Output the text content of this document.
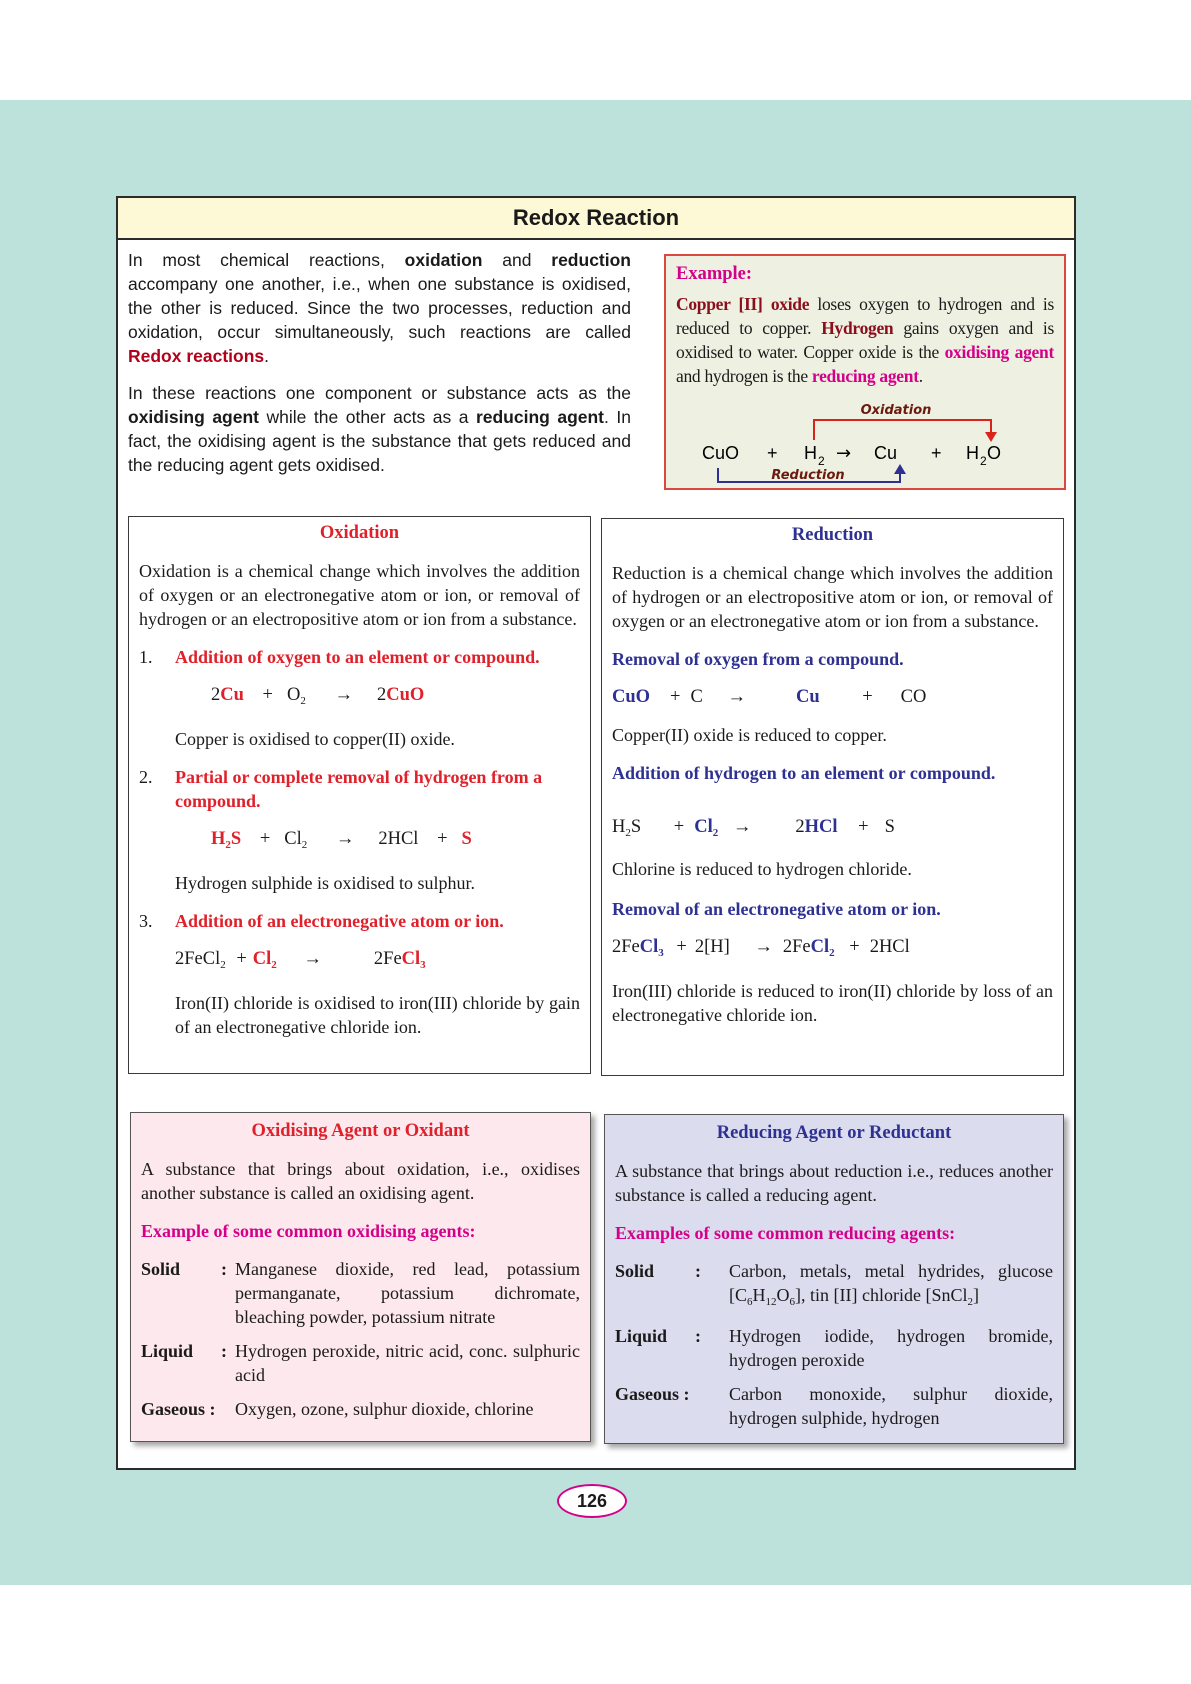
Redox Reaction

In most chemical reactions, oxidation and reduction accompany one another, i.e., when one substance is oxidised, the other is reduced. Since the two processes, reduction and oxidation, occur simultaneously, such reactions are called Redox reactions.

In these reactions one component or substance acts as the oxidising agent while the other acts as a reducing agent. In fact, the oxidising agent is the substance that gets reduced and the reducing agent gets oxidised.

Example:
Copper [II] oxide loses oxygen to hydrogen and is reduced to copper. Hydrogen gains oxygen and is oxidised to water. Copper oxide is the oxidising agent and hydrogen is the reducing agent.
Oxidation
CuO + H 2 → Cu + H 2 O
Reduction
Oxidation
Oxidation is a chemical change which involves the addition of oxygen or an electronegative atom or ion, or removal of hydrogen or an electropositive atom or ion from a substance.
1.	Addition of oxygen to an element or compound.
$2Cu + O_2 \to 2CuO$
Copper is oxidised to copper(II) oxide.
2.	Partial or complete removal of hydrogen from a compound.
$H_2S + Cl_2 \to 2HCl + S$
Hydrogen sulphide is oxidised to sulphur.
3.	Addition of an electronegative atom or ion.
2FeCl$_2$ + $Cl_2$ →	2FeCl$_3$
Iron(II) chloride is oxidised to iron(III) chloride by gain of an electronegative chloride ion.
Reduction
Reduction is a chemical change which involves the addition of hydrogen or an electropositive atom or ion, or removal of oxygen or an electronegative atom or ion from a substance.
Removal of oxygen from a compound.
CuO + C →	Cu + CO
Copper(II) oxide is reduced to copper.
Addition of hydrogen to an element or compound.
$H_2S + Cl_2 \to 2HCl + S$
Chlorine is reduced to hydrogen chloride.
Removal of an electronegative atom or ion.
2FeCl$_3$ + 2[H] → 2FeCl$_2$ + 2HCl
Iron(III) chloride is reduced to iron(II) chloride by loss of an electronegative chloride ion.
Oxidising Agent or Oxidant
A substance that brings about oxidation, i.e., oxidises another substance is called an oxidising agent.
Example of some common oxidising agents:
Solid	: Manganese dioxide, red lead, potassium permanganate, potassium dichromate, bleaching powder, potassium nitrate
Liquid	: Hydrogen peroxide, nitric acid, conc. sulphuric acid
Gaseous :	Oxygen, ozone, sulphur dioxide, chlorine
Reducing Agent or Reductant
A substance that brings about reduction i.e., reduces another substance is called a reducing agent.
Examples of some common reducing agents:
Solid	:	Carbon, metals, metal hydrides, glucose $[C_6H_{12}O_6]$, tin [II] chloride [SnCl$_2$]
Liquid	:	Hydrogen iodide, hydrogen bromide, hydrogen peroxide
Gaseous :	Carbon monoxide, sulphur dioxide, hydrogen sulphide, hydrogen
126
